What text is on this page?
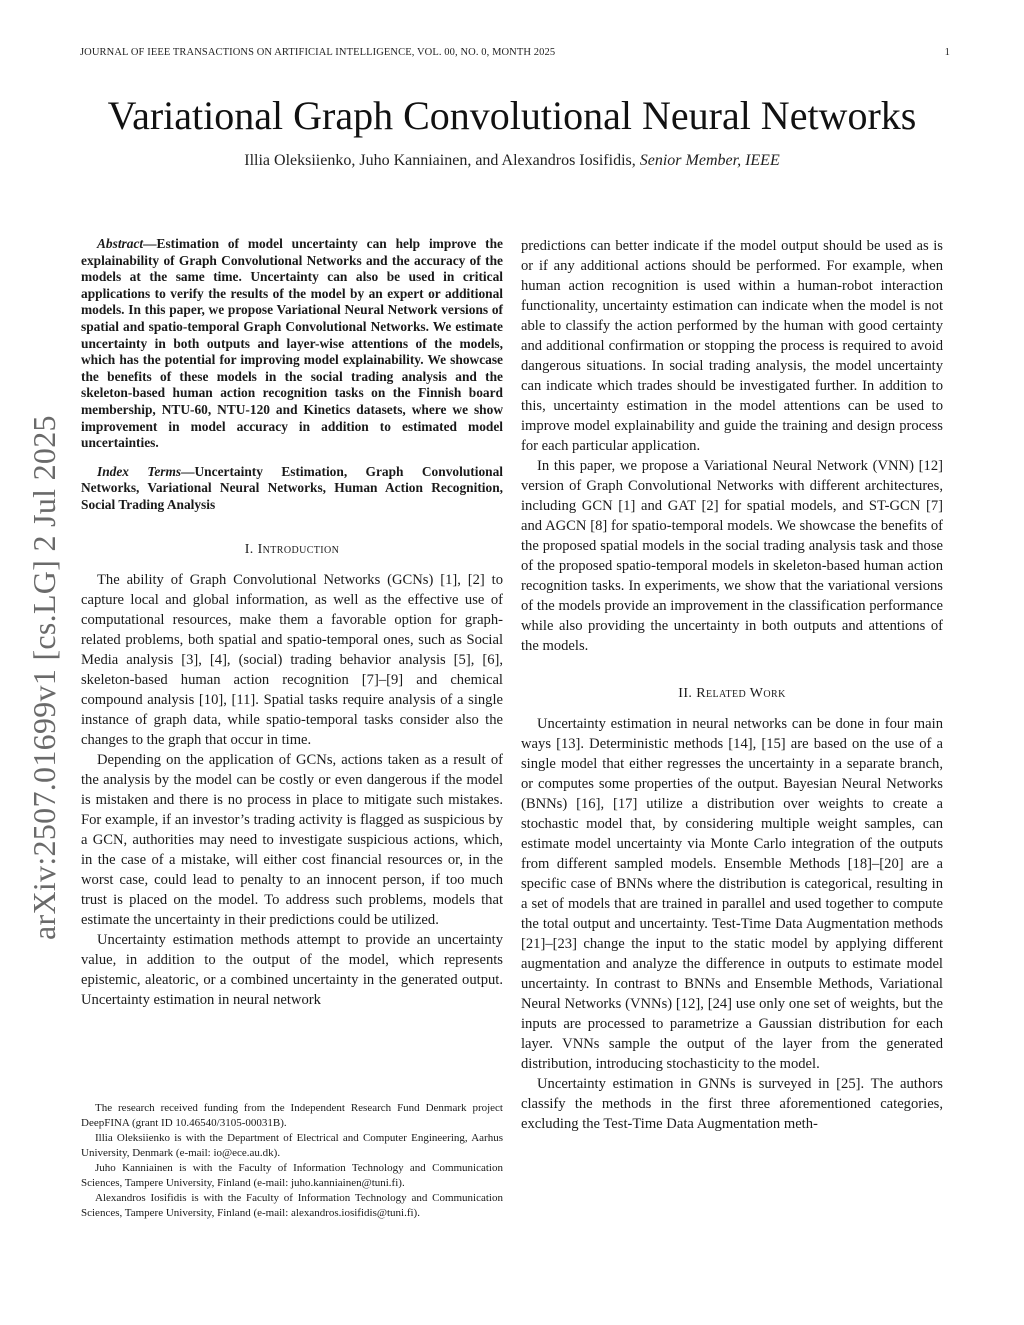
JOURNAL OF IEEE TRANSACTIONS ON ARTIFICIAL INTELLIGENCE, VOL. 00, NO. 0, MONTH 2025	1
Variational Graph Convolutional Neural Networks
Illia Oleksiienko, Juho Kanniainen, and Alexandros Iosifidis, Senior Member, IEEE
arXiv:2507.01699v1 [cs.LG] 2 Jul 2025

Abstract—Estimation of model uncertainty can help improve the explainability of Graph Convolutional Networks and the accuracy of the models at the same time. Uncertainty can also be used in critical applications to verify the results of the model by an expert or additional models. In this paper, we propose Variational Neural Network versions of spatial and spatio-temporal Graph Convolutional Networks. We estimate uncertainty in both outputs and layer-wise attentions of the models, which has the potential for improving model explainability. We showcase the benefits of these models in the social trading analysis and the skeleton-based human action recognition tasks on the Finnish board membership, NTU-60, NTU-120 and Kinetics datasets, where we show improvement in model accuracy in addition to estimated model uncertainties.

Index Terms—Uncertainty Estimation, Graph Convolutional Networks, Variational Neural Networks, Human Action Recognition, Social Trading Analysis

I. Introduction

The ability of Graph Convolutional Networks (GCNs) [1], [2] to capture local and global information, as well as the effective use of computational resources, make them a favorable option for graph-related problems, both spatial and spatio-temporal ones, such as Social Media analysis [3], [4], (social) trading behavior analysis [5], [6], skeleton-based human action recognition [7]–[9] and chemical compound analysis [10], [11]. Spatial tasks require analysis of a single instance of graph data, while spatio-temporal tasks consider also the changes to the graph that occur in time.

Depending on the application of GCNs, actions taken as a result of the analysis by the model can be costly or even dangerous if the model is mistaken and there is no process in place to mitigate such mistakes. For example, if an investor’s trading activity is flagged as suspicious by a GCN, authorities may need to investigate suspicious actions, which, in the case of a mistake, will either cost financial resources or, in the worst case, could lead to penalty to an innocent person, if too much trust is placed on the model. To address such problems, models that estimate the uncertainty in their predictions could be utilized.

Uncertainty estimation methods attempt to provide an uncertainty value, in addition to the output of the model, which represents epistemic, aleatoric, or a combined uncertainty in the generated output. Uncertainty estimation in neural network

The research received funding from the Independent Research Fund Denmark project DeepFINA (grant ID 10.46540/3105-00031B).

Illia Oleksiienko is with the Department of Electrical and Computer Engineering, Aarhus University, Denmark (e-mail: io@ece.au.dk).

Juho Kanniainen is with the Faculty of Information Technology and Communication Sciences, Tampere University, Finland (e-mail: juho.kanniainen@tuni.fi).

Alexandros Iosifidis is with the Faculty of Information Technology and Communication Sciences, Tampere University, Finland (e-mail: alexandros.iosifidis@tuni.fi).

predictions can better indicate if the model output should be used as is or if any additional actions should be performed. For example, when human action recognition is used within a human-robot interaction functionality, uncertainty estimation can indicate when the model is not able to classify the action performed by the human with good certainty and additional confirmation or stopping the process is required to avoid dangerous situations. In social trading analysis, the model uncertainty can indicate which trades should be investigated further. In addition to this, uncertainty estimation in the model attentions can be used to improve model explainability and guide the training and design process for each particular application.

In this paper, we propose a Variational Neural Network (VNN) [12] version of Graph Convolutional Networks with different architectures, including GCN [1] and GAT [2] for spatial models, and ST-GCN [7] and AGCN [8] for spatio-temporal models. We showcase the benefits of the proposed spatial models in the social trading analysis task and those of the proposed spatio-temporal models in skeleton-based human action recognition tasks. In experiments, we show that the variational versions of the models provide an improvement in the classification performance while also providing the uncertainty in both outputs and attentions of the models.

II. Related Work

Uncertainty estimation in neural networks can be done in four main ways [13]. Deterministic methods [14], [15] are based on the use of a single model that either regresses the uncertainty in a separate branch, or computes some properties of the output. Bayesian Neural Networks (BNNs) [16], [17] utilize a distribution over weights to create a stochastic model that, by considering multiple weight samples, can estimate model uncertainty via Monte Carlo integration of the outputs from different sampled models. Ensemble Methods [18]–[20] are a specific case of BNNs where the distribution is categorical, resulting in a set of models that are trained in parallel and used together to compute the total output and uncertainty. Test-Time Data Augmentation methods [21]–[23] change the input to the static model by applying different augmentation and analyze the difference in outputs to estimate model uncertainty. In contrast to BNNs and Ensemble Methods, Variational Neural Networks (VNNs) [12], [24] use only one set of weights, but the inputs are processed to parametrize a Gaussian distribution for each layer. VNNs sample the output of the layer from the generated distribution, introducing stochasticity to the model.

Uncertainty estimation in GNNs is surveyed in [25]. The authors classify the methods in the first three aforementioned categories, excluding the Test-Time Data Augmentation meth-
